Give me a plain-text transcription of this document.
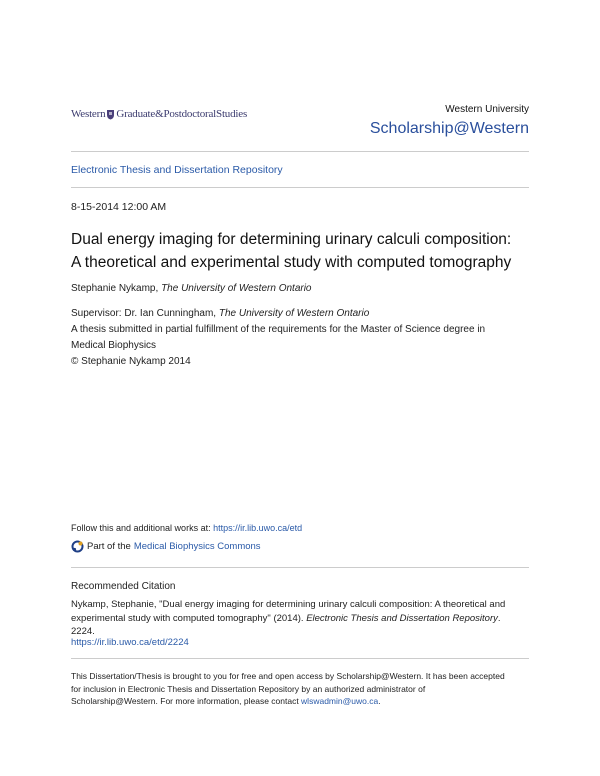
Western Graduate&PostdoctoralStudies	Western University
Scholarship@Western
Electronic Thesis and Dissertation Repository
8-15-2014 12:00 AM
Dual energy imaging for determining urinary calculi composition:
A theoretical and experimental study with computed tomography
Stephanie Nykamp, The University of Western Ontario
Supervisor: Dr. Ian Cunningham, The University of Western Ontario
A thesis submitted in partial fulfillment of the requirements for the Master of Science degree in
Medical Biophysics
© Stephanie Nykamp 2014
Follow this and additional works at: https://ir.lib.uwo.ca/etd
Part of the Medical Biophysics Commons
Recommended Citation
Nykamp, Stephanie, "Dual energy imaging for determining urinary calculi composition: A theoretical and
experimental study with computed tomography" (2014). Electronic Thesis and Dissertation Repository.
2224.
https://ir.lib.uwo.ca/etd/2224
This Dissertation/Thesis is brought to you for free and open access by Scholarship@Western. It has been accepted
for inclusion in Electronic Thesis and Dissertation Repository by an authorized administrator of
Scholarship@Western. For more information, please contact wlswadmin@uwo.ca.
